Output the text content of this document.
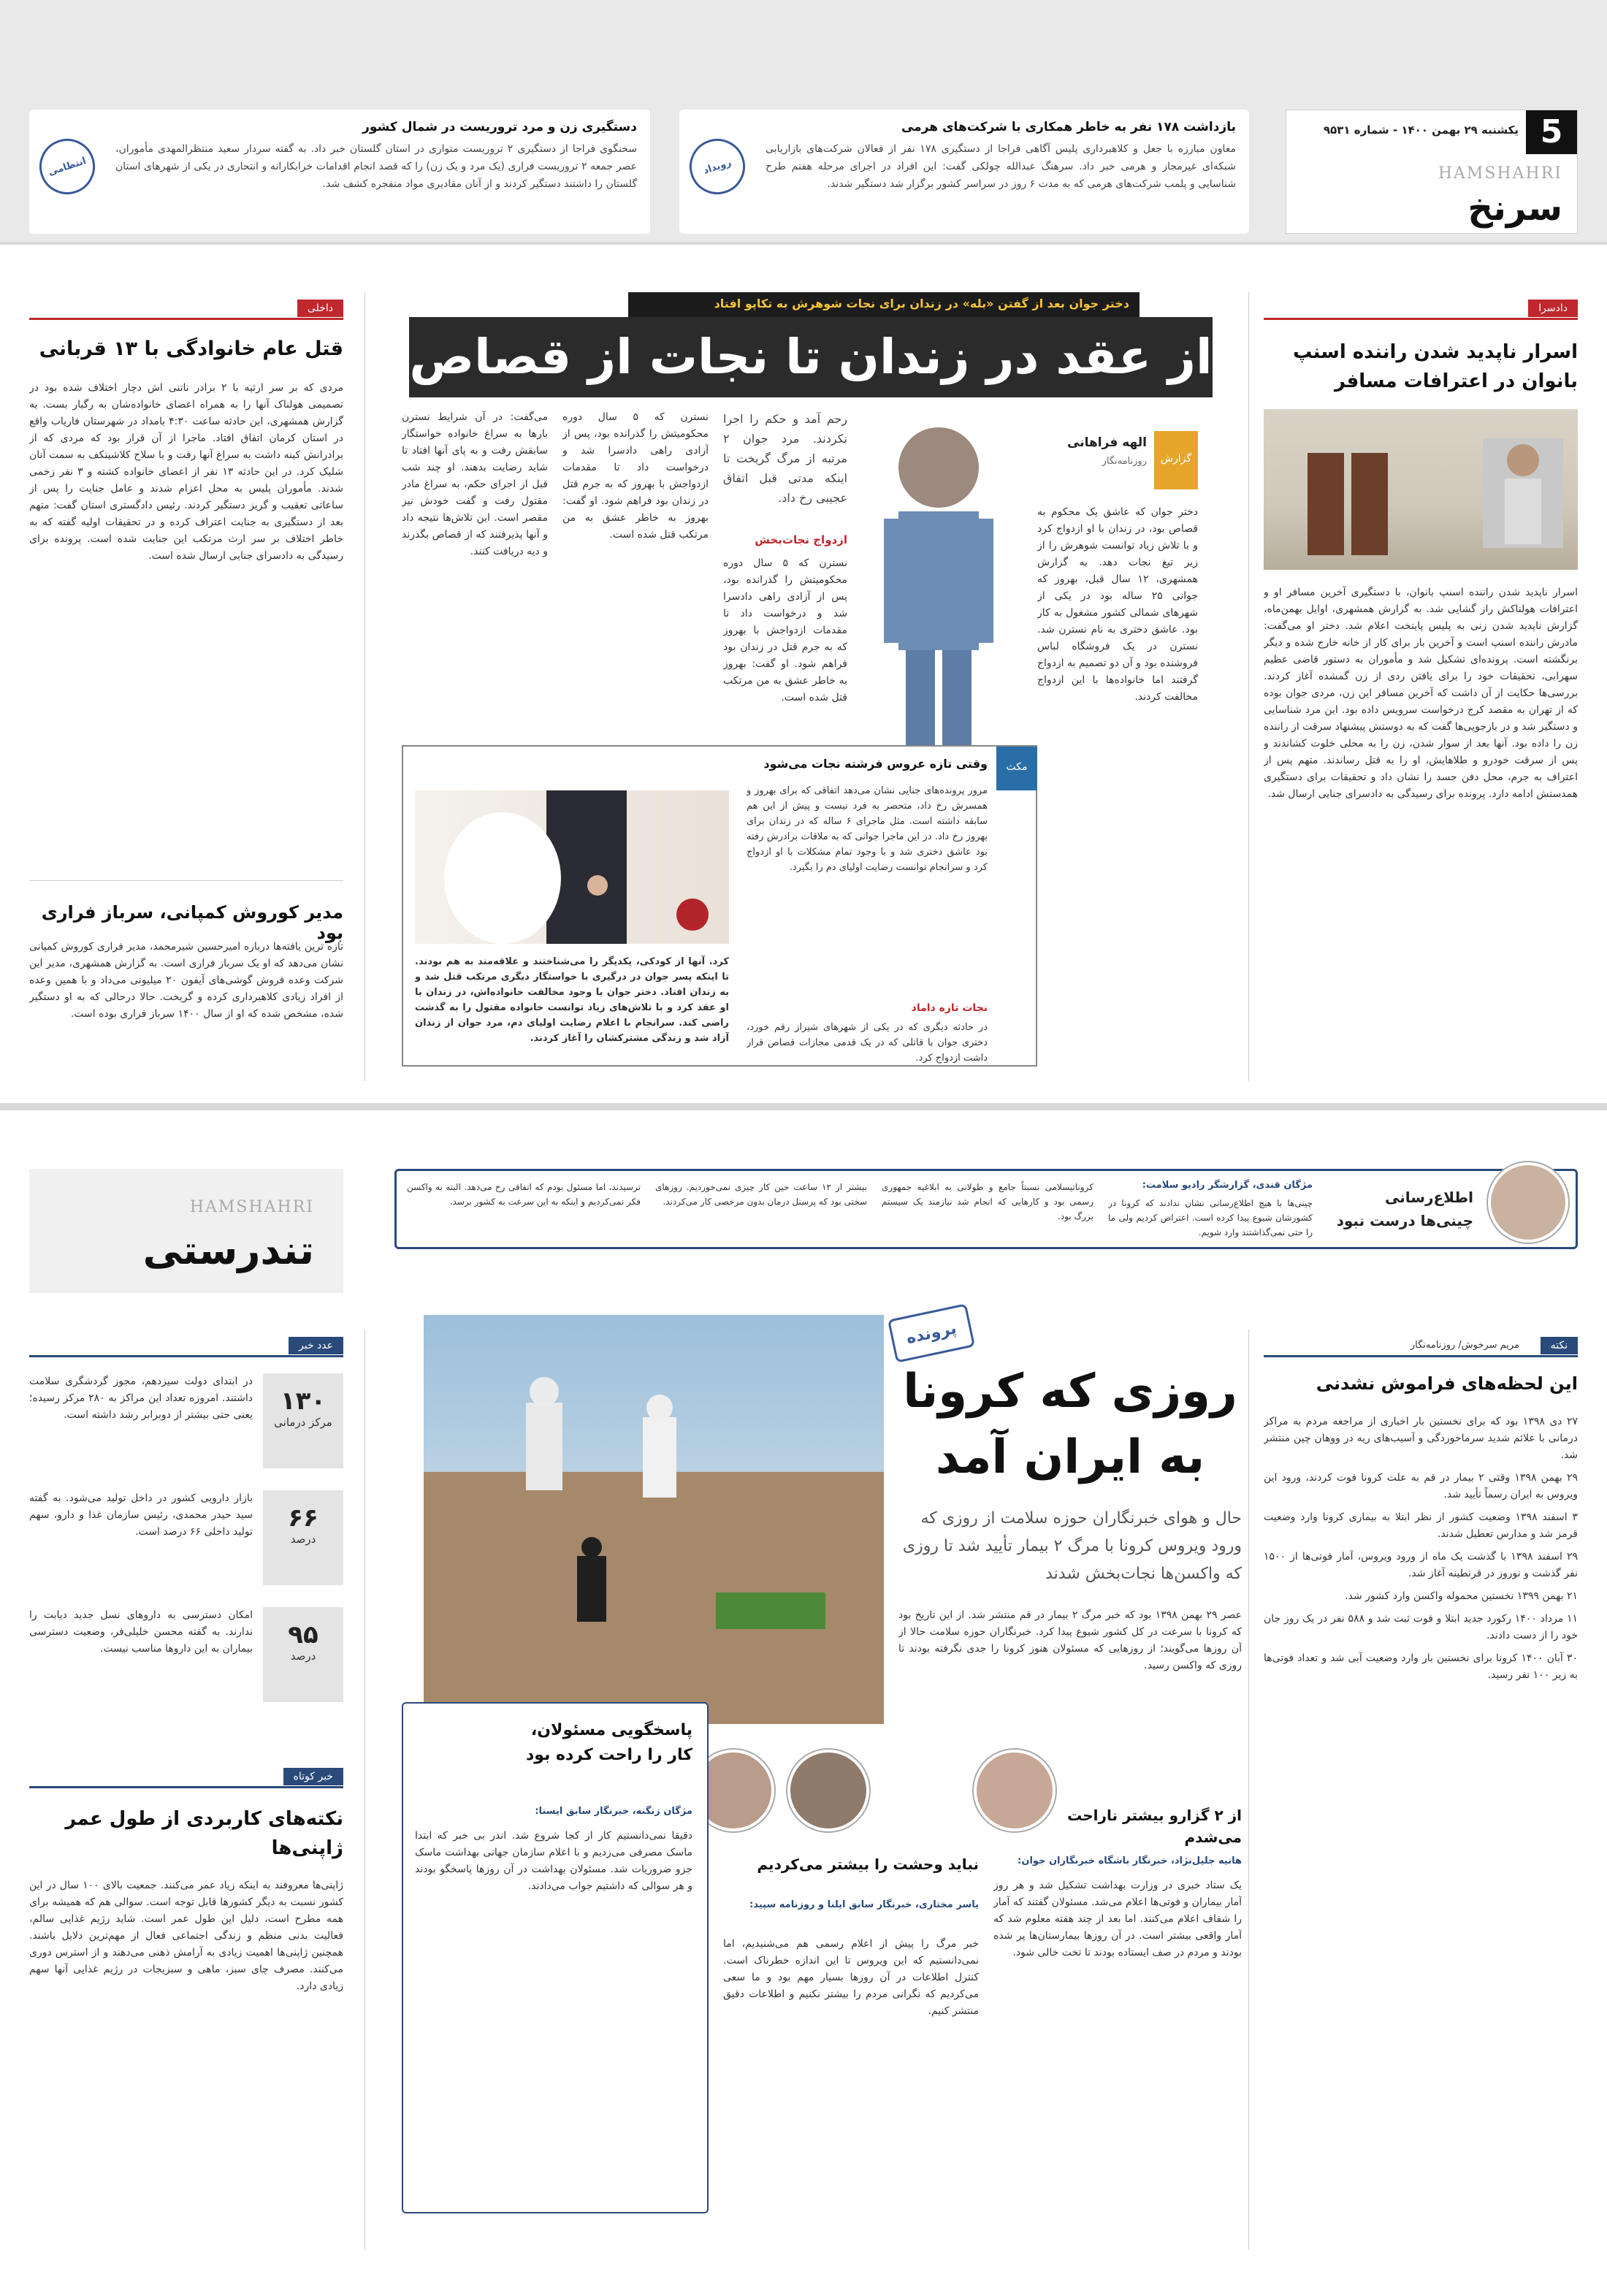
5
یکشنبه ۲۹ بهمن ۱۴۰۰ - شماره ۹۵۳۱
HAMSHAHRI
سرنخ
بازداشت ۱۷۸ نفر به خاطر همکاری با شرکت‌های هرمی
معاون مبارزه با جعل و کلاهبرداری پلیس آگاهی فراجا از دستگیری ۱۷۸ نفر از فعالان شرکت‌های بازاریابی شبکه‌ای غیرمجاز و هرمی خبر داد. سرهنگ عبدالله چولکی گفت: این افراد در اجرای مرحله هفتم طرح شناسایی و پلمب شرکت‌های هرمی که به مدت ۶ روز در سراسر کشور برگزار شد دستگیر شدند.
رویداد
دستگیری زن و مرد تروریست در شمال کشور
سخنگوی فراجا از دستگیری ۲ تروریست متواری در استان گلستان خبر داد. به گفته سردار سعید منتظرالمهدی مأموران، عصر جمعه ۲ تروریست فراری (یک مرد و یک زن) را که قصد انجام اقدامات خرابکارانه و انتحاری در یکی از شهرهای استان گلستان را داشتند دستگیر کردند و از آنان مقادیری مواد منفجره کشف شد.
انتظامی
داخلی
قتل عام خانوادگی با ۱۳ قربانی
مردی که بر سر ارثیه با ۲ برادر ناتنی اش دچار اختلاف شده بود در تصمیمی هولناک آنها را به همراه اعضای خانواده‌شان به رگبار بست. به گزارش همشهری، این حادثه ساعت ۴:۳۰ بامداد در شهرستان فاریاب واقع در استان کرمان اتفاق افتاد. ماجرا از آن قرار بود که مردی که از برادرانش کینه داشت به سراغ آنها رفت و با سلاح کلاشینکف به سمت آنان شلیک کرد. در این حادثه ۱۳ نفر از اعضای خانواده کشته و ۳ نفر زخمی شدند. مأموران پلیس به محل اعزام شدند و عامل جنایت را پس از ساعاتی تعقیب و گریز دستگیر کردند. رئیس دادگستری استان گفت: متهم بعد از دستگیری به جنایت اعتراف کرده و در تحقیقات اولیه گفته که به خاطر اختلاف بر سر ارث مرتکب این جنایت شده است. پرونده برای رسیدگی به دادسرای جنایی ارسال شده است.
مدیر کوروش کمپانی، سرباز فراری بود
تازه ترین یافته‌ها درباره امیرحسین شیرمحمد، مدیر فراری کوروش کمپانی نشان می‌دهد که او یک سرباز فراری است. به گزارش همشهری، مدیر این شرکت وعده فروش گوشی‌های آیفون ۲۰ میلیونی می‌داد و با همین وعده از افراد زیادی کلاهبرداری کرده و گریخت. حالا درحالی که به او دستگیر شده، مشخص شده که او از سال ۱۴۰۰ سرباز فراری بوده است.
دادسرا
اسرار ناپدید شدن راننده اسنپ بانوان در اعترافات مسافر
اسرار ناپدید شدن راننده اسنپ بانوان، با دستگیری آخرین مسافر او و اعترافات هولناکش راز گشایی شد. به گزارش همشهری، اوایل بهمن‌ماه، گزارش ناپدید شدن زنی به پلیس پایتخت اعلام شد. دختر او می‌گفت: مادرش راننده اسنپ است و آخرین بار برای کار از خانه خارج شده و دیگر برنگشته است. پرونده‌ای تشکیل شد و مأموران به دستور قاضی عظیم سهرابی، تحقیقات خود را برای یافتن ردی از زن گمشده آغاز کردند. بررسی‌ها حکایت از آن داشت که آخرین مسافر این زن، مردی جوان بوده که از تهران به مقصد کرج درخواست سرویس داده بود. این مرد شناسایی و دستگیر شد و در بازجویی‌ها گفت که به دوستش پیشنهاد سرقت از راننده زن را داده بود. آنها بعد از سوار شدن، زن را به محلی خلوت کشاندند و پس از سرقت خودرو و طلاهایش، او را به قتل رساندند. متهم پس از اعتراف به جرم، محل دفن جسد را نشان داد و تحقیقات برای دستگیری همدستش ادامه دارد. پرونده برای رسیدگی به دادسرای جنایی ارسال شد.
دختر جوان بعد از گفتن «بله» در زندان برای نجات شوهرش به تکاپو افتاد
از عقد در زندان تا نجات از قصاص
گزارش
الهه فراهانی
روزنامه‌نگار
دختر جوان که عاشق یک محکوم به قصاص بود، در زندان با او ازدواج کرد و با تلاش زیاد توانست شوهرش را از زیر تیغ نجات دهد. به گزارش همشهری، ۱۲ سال قبل، بهروز که جوانی ۲۵ ساله بود در یکی از شهرهای شمالی کشور مشغول به کار بود. عاشق دختری به نام نسترن شد. نسترن در یک فروشگاه لباس فروشنده بود و آن دو تصمیم به ازدواج گرفتند اما خانواده‌ها با این ازدواج مخالفت کردند.
رحم آمد و حکم را اجرا نکردند. مرد جوان ۲ مرتبه از مرگ گریخت تا اینکه مدتی قبل اتفاق عجیبی رخ داد.
ازدواج نجات‌بخش
نسترن که ۵ سال دوره محکومیتش را گذرانده بود، پس از آزادی راهی دادسرا شد و درخواست داد تا مقدمات ازدواجش با بهروز که به جرم قتل در زندان بود فراهم شود. او گفت: بهروز به خاطر عشق به من مرتکب قتل شده است.
نسترن که ۵ سال دوره محکومیتش را گذرانده بود، پس از آزادی راهی دادسرا شد و درخواست داد تا مقدمات ازدواجش با بهروز که به جرم قتل در زندان بود فراهم شود. او گفت: بهروز به خاطر عشق به من مرتکب قتل شده است.
می‌گفت: در آن شرایط نسترن بارها به سراغ خانواده خواستگار سابقش رفت و به پای آنها افتاد تا شاید رضایت بدهند. او چند شب قبل از اجرای حکم، به سراغ مادر مقتول رفت و گفت خودش نیز مقصر است. این تلاش‌ها نتیجه داد و آنها پذیرفتند که از قصاص بگذرند و دیه دریافت کنند.
مکث
وقتی تازه عروس فرشته نجات می‌شود
مرور پرونده‌های جنایی نشان می‌دهد اتفاقی که برای بهروز و همسرش رخ داد، متحصر به فرد نیست و پیش از این هم سابقه داشته است. مثل ماجرای ۶ ساله که در زندان برای بهروز رخ داد. در این ماجرا جوانی که به ملاقات برادرش رفته بود عاشق دختری شد و با وجود تمام مشکلات با او ازدواج کرد و سرانجام توانست رضایت اولیای دم را بگیرد.
نجات تازه داماد
در حادثه دیگری که در یکی از شهرهای شیراز رقم خورد، دختری جوان با قاتلی که در یک قدمی مجازات قصاص قرار داشت ازدواج کرد.
کرد. آنها از کودکی، یکدیگر را می‌شناختند و علاقه‌مند به هم بودند. تا اینکه پسر جوان در درگیری با خواستگار دیگری مرتکب قتل شد و به زندان افتاد. دختر جوان با وجود مخالفت خانواده‌اش، در زندان با او عقد کرد و با تلاش‌های زیاد توانست خانواده مقتول را به گذشت راضی کند. سرانجام با اعلام رضایت اولیای دم، مرد جوان از زندان آزاد شد و زندگی مشترکشان را آغاز کردند.
HAMSHAHRI
تندرستی
اطلاع‌رسانی چینی‌ها درست نبود
مژگان قندی، گزارشگر رادیو سلامت:
چینی‌ها با هیچ اطلاع‌رسانی نشان ندادند که کرونا در کشورشان شیوع پیدا کرده است. اعتراض کردیم ولی ما را حتی نمی‌گذاشتند وارد شویم.
کروناتیسلامی نسبتاً جامع و طولانی به ابلاغیه جمهوری رسمی بود و کارهایی که انجام شد نیازمند یک سیستم بزرگ بود.
بیشتر از ۱۲ ساعت حین کار چیزی نمی‌خوردیم. روزهای سختی بود که پرسنل درمان بدون مرخصی کار می‌کردند.
ترسیدند، اما مسئول بودم که اتفاقی رخ می‌دهد. البته به واکسن فکر نمی‌کردیم و اینکه به این سرعت به کشور برسد.
نکته
مریم سرخوش/ روزنامه‌نگار
این لحظه‌های فراموش نشدنی

۲۷ دی ۱۳۹۸ بود که برای نخستین بار اخباری از مراجعه مردم به مراکز درمانی با علائم شدید سرماخوردگی و آسیب‌های ریه در ووهان چین منتشر شد.

۲۹ بهمن ۱۳۹۸ وقتی ۲ بیمار در قم به علت کرونا فوت کردند، ورود این ویروس به ایران رسماً تأیید شد.

۳ اسفند ۱۳۹۸ وضعیت کشور از نظر ابتلا به بیماری کرونا وارد وضعیت قرمز شد و مدارس تعطیل شدند.

۲۹ اسفند ۱۳۹۸ با گذشت یک ماه از ورود ویروس، آمار فوتی‌ها از ۱۵۰۰ نفر گذشت و نوروز در قرنطینه آغاز شد.

۲۱ بهمن ۱۳۹۹ نخستین محموله واکسن وارد کشور شد.

۱۱ مرداد ۱۴۰۰ رکورد جدید ابتلا و فوت ثبت شد و ۵۸۸ نفر در یک روز جان خود را از دست دادند.

۳۰ آبان ۱۴۰۰ کرونا برای نخستین بار وارد وضعیت آبی شد و تعداد فوتی‌ها به زیر ۱۰۰ نفر رسید.

پرونده
روزی که کرونا به ایران آمد
حال و هوای خبرنگاران حوزه سلامت از روزی که ورود ویروس کرونا با مرگ ۲ بیمار تأیید شد تا روزی که واکسن‌ها نجات‌بخش شدند
عصر ۲۹ بهمن ۱۳۹۸ بود که خبر مرگ ۲ بیمار در قم منتشر شد. از این تاریخ بود که کرونا با سرعت در کل کشور شیوع پیدا کرد. خبرنگاران حوزه سلامت حالا از آن روزها می‌گویند؛ از روزهایی که مسئولان هنوز کرونا را جدی نگرفته بودند تا روزی که واکسن رسید.
از ۲ گزارو بیشتر ناراحت می‌شدم
هانیه جلیل‌نژاد، خبرنگار باشگاه خبرنگاران جوان:
یک ستاد خبری در وزارت بهداشت تشکیل شد و هر روز آمار بیماران و فوتی‌ها اعلام می‌شد. مسئولان گفتند که آمار را شفاف اعلام می‌کنند. اما بعد از چند هفته معلوم شد که آمار واقعی بیشتر است. در آن روزها بیمارستان‌ها پر شده بودند و مردم در صف ایستاده بودند تا تخت خالی شود.
نباید وحشت را بیشتر می‌کردیم
یاسر مختاری، خبرنگار سابق ایلنا و روزنامه سپید:
خبر مرگ را پیش از اعلام رسمی هم می‌شنیدیم، اما نمی‌دانستیم که این ویروس تا این اندازه خطرناک است. کنترل اطلاعات در آن روزها بسیار مهم بود و ما سعی می‌کردیم که نگرانی مردم را بیشتر نکنیم و اطلاعات دقیق منتشر کنیم.
پاسخگویی مسئولان، کار را راحت کرده بود
مژگان زنگنه، خبرنگار سابق ایسنا:
دقیقا نمی‌دانستیم کار از کجا شروع شد. اندر بی خبر که ابتدا ماسک مصرفی می‌زدیم و با اعلام سازمان جهانی بهداشت ماسک جزو ضروریات شد. مسئولان بهداشت در آن روزها پاسخگو بودند و هر سوالی که داشتیم جواب می‌دادند.
عدد خبر
۱۳۰
مرکز درمانی
در ابتدای دولت سیزدهم، مجوز گردشگری سلامت داشتند. امروزه تعداد این مراکز به ۲۸۰ مرکز رسیده؛ یعنی حتی بیشتر از دوبرابر رشد داشته است.
۶۶
درصد
بازار دارویی کشور در داخل تولید می‌شود. به گفته سید حیدر محمدی، رئیس سازمان غذا و دارو، سهم تولید داخلی ۶۶ درصد است.
۹۵
درصد
امکان دسترسی به داروهای نسل جدید دیابت را ندارند. به گفته محسن خلیلی‌فر، وضعیت دسترسی بیماران به این داروها مناسب نیست.
خبر کوتاه
نکته‌های کاربردی از طول عمر ژاپنی‌ها
ژاپنی‌ها معروفند به اینکه زیاد عمر می‌کنند. جمعیت بالای ۱۰۰ سال در این کشور نسبت به دیگر کشورها قابل توجه است. سوالی هم که همیشه برای همه مطرح است، دلیل این طول عمر است. شاید رژیم غذایی سالم، فعالیت بدنی منظم و زندگی اجتماعی فعال از مهم‌ترین دلایل باشند. همچنین ژاپنی‌ها اهمیت زیادی به آرامش ذهنی می‌دهند و از استرس دوری می‌کنند. مصرف چای سبز، ماهی و سبزیجات در رژیم غذایی آنها سهم زیادی دارد.
